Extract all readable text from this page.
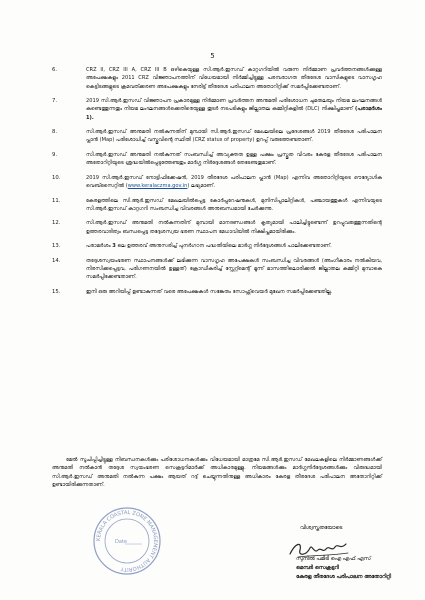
5
6.	CRZ II, CRZ III A, CRZ III B ഒഴികെയുള്ള സി.ആർ.ഇസഡ് കാറ്റഗറിയിൽ വരുന്ന നിർമ്മാണ പ്രവർത്തനങ്ങൾക്കുള്ള അപേക്ഷകളും 2011 CRZ വിജ്ഞാപനത്തിന് വിധേയമായി നിർമ്മിച്ചിട്ടുള്ള പരമ്പരാഗത തീരദേശ വാസികളുടെ വാസഗൃഹ കെട്ടിടങ്ങളുടെ ക്രമവത്ക്കരണ അപേക്ഷകളും നേരിട്ട് തീരദേശ പരിപാലന അതോറിറ്റിക്ക് സമർപ്പിക്കേണ്ടതാണ്.
7.	2019 സി.ആർ.ഇസഡ് വിജ്ഞാപന പ്രകാരമുള്ള നിർമ്മാണ പ്രവർത്തന അനുമതി പരിശോധന ചുമതലയും നിയമ ലംഘനങ്ങൾ കണ്ടെത്തുന്നതും നിയമ ലംഘനങ്ങൾക്കെതിരെയുള്ള തുടർ നടപടികളും ജില്ലാതല കമ്മിറ്റികളിൽ (DLC) നിക്ഷിപ്തമാണ് (പരാമർശം 1).
8.	സി.ആർ.ഇസഡ് അനുമതി നൽകുന്നതിന് മുമ്പായി സി.ആർ.ഇസഡ് മേഖലയിലെ പ്രദേശങ്ങൾ 2019 തീരദേശ പരിപാലന പ്ലാൻ (Map) പരിശോധിച്ച് വസ്തുവിന്റെ സ്ഥിതി (CRZ status of property) ഉറപ്പ് വരുത്തേണ്ടതാണ്.
9.	സി.ആർ.ഇസഡ് അനുമതി നൽകുന്നത് സംബന്ധിച്ച് അവ്യക്തത ഉള്ള പക്ഷം പ്രസ്തുത വിവരം കേരള തീരദേശ പരിപാലന അതോറിറ്റിയുടെ ശ്രദ്ധയിൽപ്പെടുത്തേണ്ടതും മാർഗ്ഗ നിർദ്ദേശങ്ങൾ തേടേണ്ടതുമാണ്.
10.	2019 സി.ആർ.ഇസഡ് നോട്ടിഫിക്കേഷൻ, 2019 തീരദേശ പരിപാലന പ്ലാൻ (Map) എന്നിവ അതോറിറ്റിയുടെ ഔദ്യോഗിക വെബ്സൈറ്റിൽ (www.keralaczma.gov.in) ലഭ്യമാണ്.
11.	കേരളത്തിലെ സി.ആർ.ഇസഡ് മേഖലയിൽപ്പെട്ട കോർപ്പറേഷനുകൾ, മുനിസിപ്പാലിറ്റികൾ, പഞ്ചായത്തുകൾ എന്നിവയുടെ സി.ആർ.ഇസഡ് കാറ്റഗറി സംബന്ധിച്ച വിവരങ്ങൾ അനുബന്ധമായി ചേർക്കുന്നു.
12.	സി.ആർ.ഇസഡ് അനുമതി നൽകുന്നതിന് മുമ്പായി മാനദണ്ഡങ്ങൾ കൃത്യമായി പാലിച്ചിട്ടുണ്ടെന്ന് ഉറപ്പുവരുത്തുന്നതിന്റെ ഉത്തരവാദിത്വം ബന്ധപ്പെട്ട തദ്ദേശസ്വയ ഭരണ സ്ഥാപന മേധാവിയിൽ നിക്ഷിപ്തമായിരിക്കും.
13.	പരാമർശം 3 ലെ ഉത്തരവ് അനുസരിച്ച് പുനർഗഠന പദ്ധതിയിലെ മാർഗ്ഗ നിർദ്ദേശങ്ങൾ പാലിക്കേണ്ടതാണ്.
14.	തദ്ദേശസ്വയംഭരണ സ്ഥാപനങ്ങൾക്ക് ലഭിക്കുന്ന വാസഗൃഹ അപേക്ഷകൾ സംബന്ധിച്ച വിവരങ്ങൾ (അംഗീകാരം നൽകിയവ, നിരസിക്കപ്പെട്ടവ, പരിഗണനയിൽ ഉള്ളത്) ക്രോഡീകരിച്ച് സ്റ്റേറ്റ്മെന്റ് മൂന്ന് മാസത്തിലൊരിക്കൽ ജില്ലാതല കമ്മിറ്റി മുമ്പാകെ സമർപ്പിക്കേണ്ടതാണ്.
15.	ഇനി ഒരു അറിയിപ്പ് ഉണ്ടാകുന്നത് വരെ അപേക്ഷകൾ സങ്കേതം സോഫ്റ്റ്‌വെയർ മുഖേന സമർപ്പിക്കേണ്ടതില്ല.
മേൽ സൂചിപ്പിച്ചിട്ടുള്ള നിബന്ധനകൾക്കും പരിശോധനകൾക്കും വിധേയമായി മാത്രമേ സി.ആർ.ഇസഡ് മേഖലകളിലെ നിർമ്മാണങ്ങൾക്ക് അനുമതി നൽകാൻ തദ്ദേശ സ്വയംഭരണ സെക്രട്ടറിമാർക്ക് അധികാരമുള്ളു. നിയമങ്ങൾക്കും മാർഗ്ഗനിർദ്ദേശങ്ങൾക്കും വിരുദ്ധമായി സി.ആർ.ഇസഡ് അനുമതി നൽകുന്ന പക്ഷം ആയത് റദ്ദ് ചെയ്യുന്നതിനുള്ള അധികാരം കേരള തീരദേശ പരിപാലന അതോറിറ്റിക്ക് ഉണ്ടായിരിക്കുന്നതാണ്.
വിശ്വസ്തതയോടെ
KERALA COASTAL ZONE MANAGEMENT AUTHORITY
Date
സുനിൽ പമിടി ഐ എഫ് എസ്
മെമ്പർ സെക്രട്ടറി
കേരള തീരദേശ പരിപാലന അതോറിറ്റി
